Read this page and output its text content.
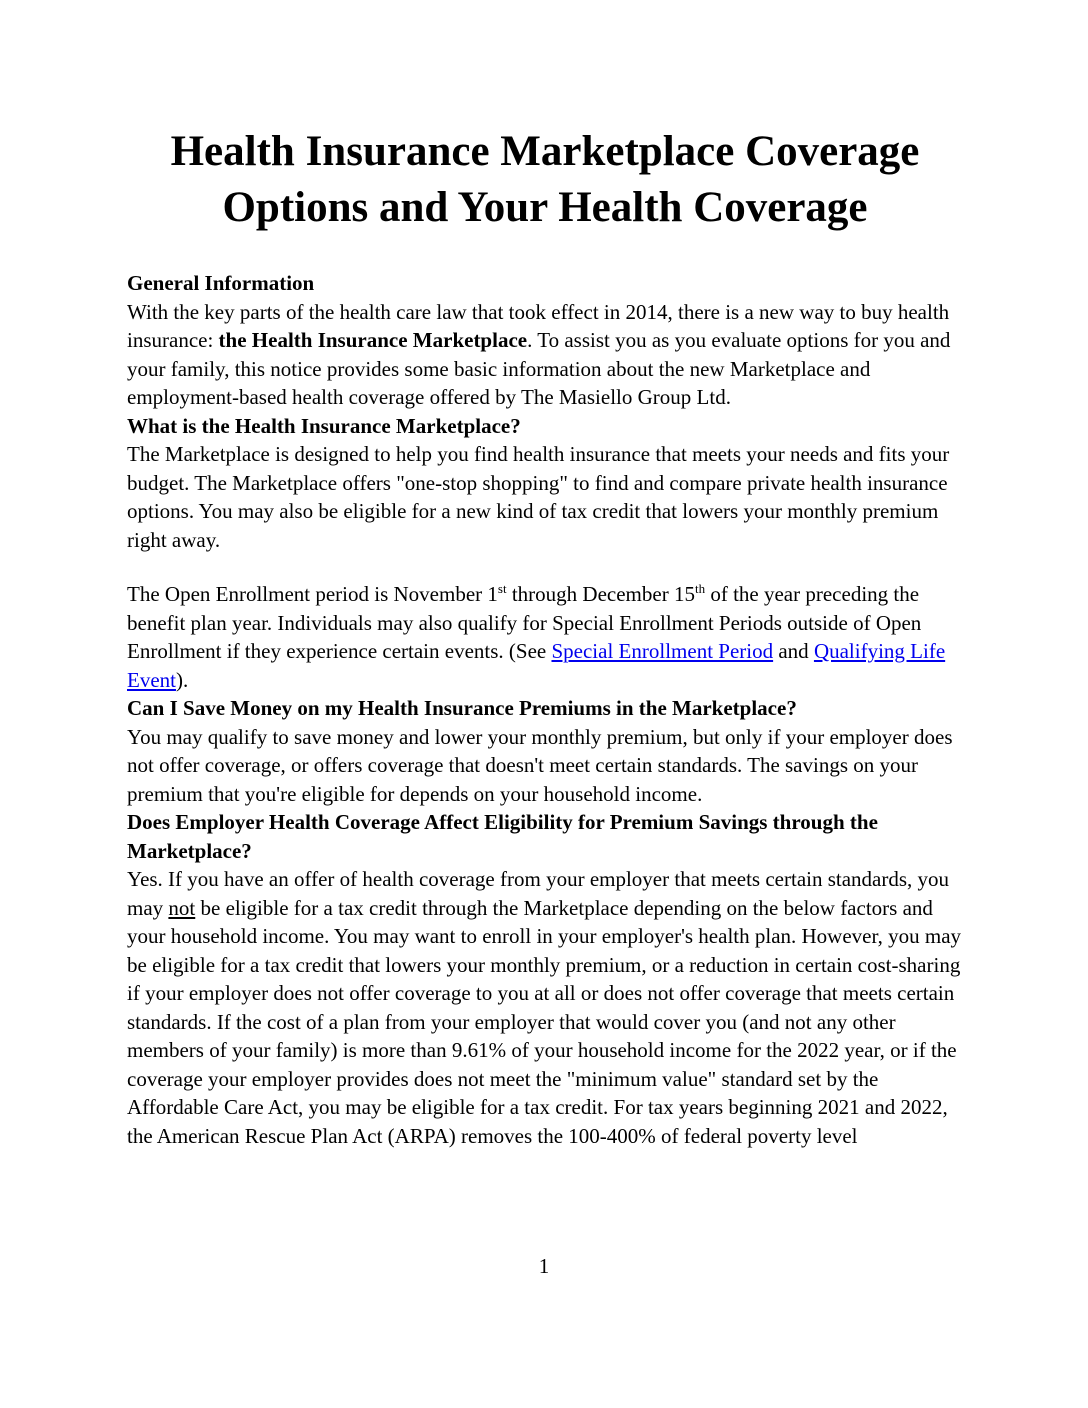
Health Insurance Marketplace Coverage
Options and Your Health Coverage
General Information

With the key parts of the health care law that took effect in 2014, there is a new way to buy health insurance: the Health Insurance Marketplace. To assist you as you evaluate options for you and your family, this notice provides some basic information about the new Marketplace and employment-based health coverage offered by The Masiello Group Ltd.

What is the Health Insurance Marketplace?

The Marketplace is designed to help you find health insurance that meets your needs and fits your budget. The Marketplace offers "one-stop shopping" to find and compare private health insurance options. You may also be eligible for a new kind of tax credit that lowers your monthly premium right away.

The Open Enrollment period is November 1st through December 15th of the year preceding the benefit plan year. Individuals may also qualify for Special Enrollment Periods outside of Open Enrollment if they experience certain events. (See Special Enrollment Period and Qualifying Life Event).

Can I Save Money on my Health Insurance Premiums in the Marketplace?

You may qualify to save money and lower your monthly premium, but only if your employer does not offer coverage, or offers coverage that doesn't meet certain standards. The savings on your premium that you're eligible for depends on your household income.

Does Employer Health Coverage Affect Eligibility for Premium Savings through the Marketplace?

Yes. If you have an offer of health coverage from your employer that meets certain standards, you may not be eligible for a tax credit through the Marketplace depending on the below factors and your household income. You may want to enroll in your employer's health plan. However, you may be eligible for a tax credit that lowers your monthly premium, or a reduction in certain cost-sharing if your employer does not offer coverage to you at all or does not offer coverage that meets certain standards. If the cost of a plan from your employer that would cover you (and not any other members of your family) is more than 9.61% of your household income for the 2022 year, or if the coverage your employer provides does not meet the "minimum value" standard set by the Affordable Care Act, you may be eligible for a tax credit. For tax years beginning 2021 and 2022, the American Rescue Plan Act (ARPA) removes the 100-400% of federal poverty level

1
